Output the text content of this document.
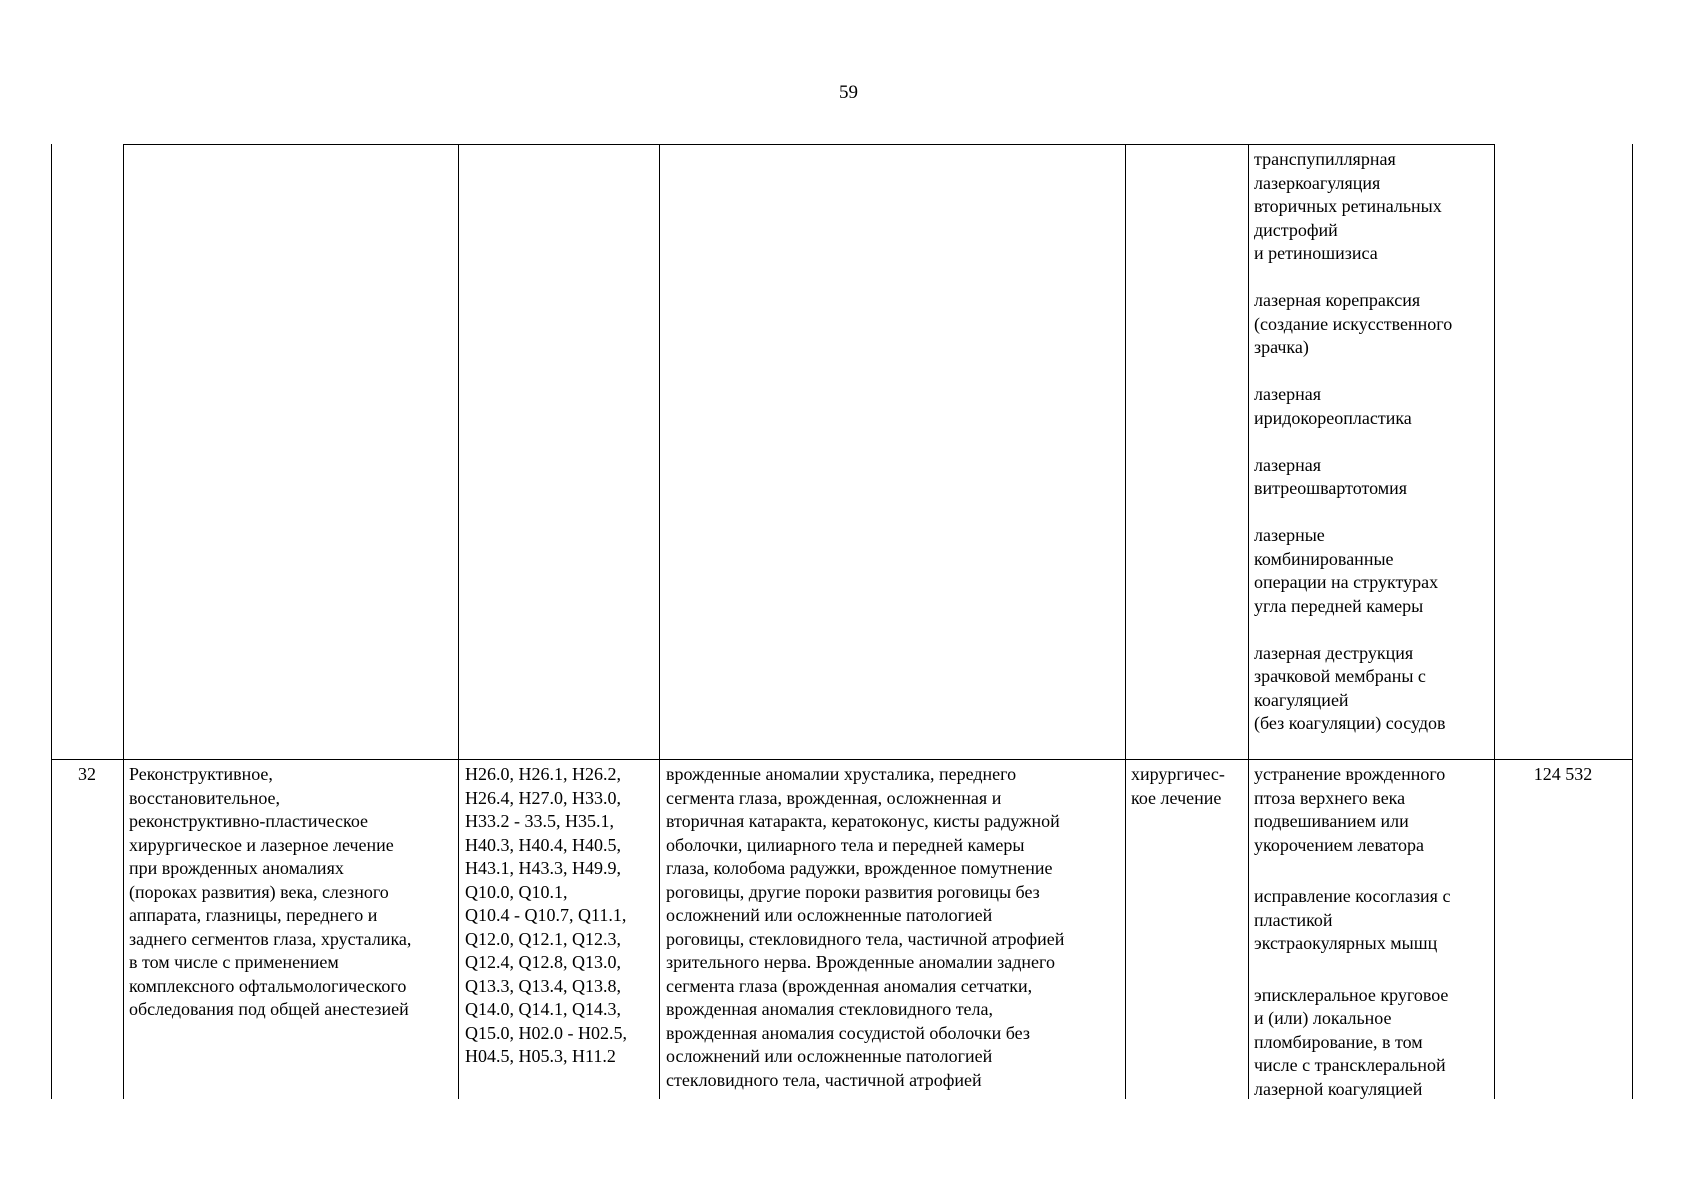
59
транспупиллярная
лазеркоагуляция
вторичных ретинальных
дистрофий
и ретиношизиса
лазерная корепраксия
(создание искусственного
зрачка)
лазерная
иридокореопластика
лазерная
витреошвартотомия
лазерные
комбинированные
операции на структурах
угла передней камеры
лазерная деструкция
зрачковой мембраны с
коагуляцией
(без коагуляции) сосудов
32	Реконструктивное,
восстановительное,
реконструктивно-пластическое
хирургическое и лазерное лечение
при врожденных аномалиях
(пороках развития) века, слезного
аппарата, глазницы, переднего и
заднего сегментов глаза, хрусталика,
в том числе с применением
комплексного офтальмологического
обследования под общей анестезией
H26.0, H26.1, H26.2,
H26.4, H27.0, H33.0,
H33.2 - 33.5, H35.1,
H40.3, H40.4, H40.5,
H43.1, H43.3, H49.9,
Q10.0, Q10.1,
Q10.4 - Q10.7, Q11.1,
Q12.0, Q12.1, Q12.3,
Q12.4, Q12.8, Q13.0,
Q13.3, Q13.4, Q13.8,
Q14.0, Q14.1, Q14.3,
Q15.0, H02.0 - H02.5,
H04.5, H05.3, H11.2
врожденные аномалии хрусталика, переднего
сегмента глаза, врожденная, осложненная и
вторичная катаракта, кератоконус, кисты радужной
оболочки, цилиарного тела и передней камеры
глаза, колобома радужки, врожденное помутнение
роговицы, другие пороки развития роговицы без
осложнений или осложненные патологией
роговицы, стекловидного тела, частичной атрофией
зрительного нерва. Врожденные аномалии заднего
сегмента глаза (врожденная аномалия сетчатки,
врожденная аномалия стекловидного тела,
врожденная аномалия сосудистой оболочки без
осложнений или осложненные патологией
стекловидного тела, частичной атрофией
хирургичес-
кое лечение
устранение врожденного
птоза верхнего века
подвешиванием или
укорочением леватора
исправление косоглазия с
пластикой
экстраокулярных мышц
эписклеральное круговое
и (или) локальное
пломбирование, в том
числе с трансклеральной
лазерной коагуляцией
124 532
